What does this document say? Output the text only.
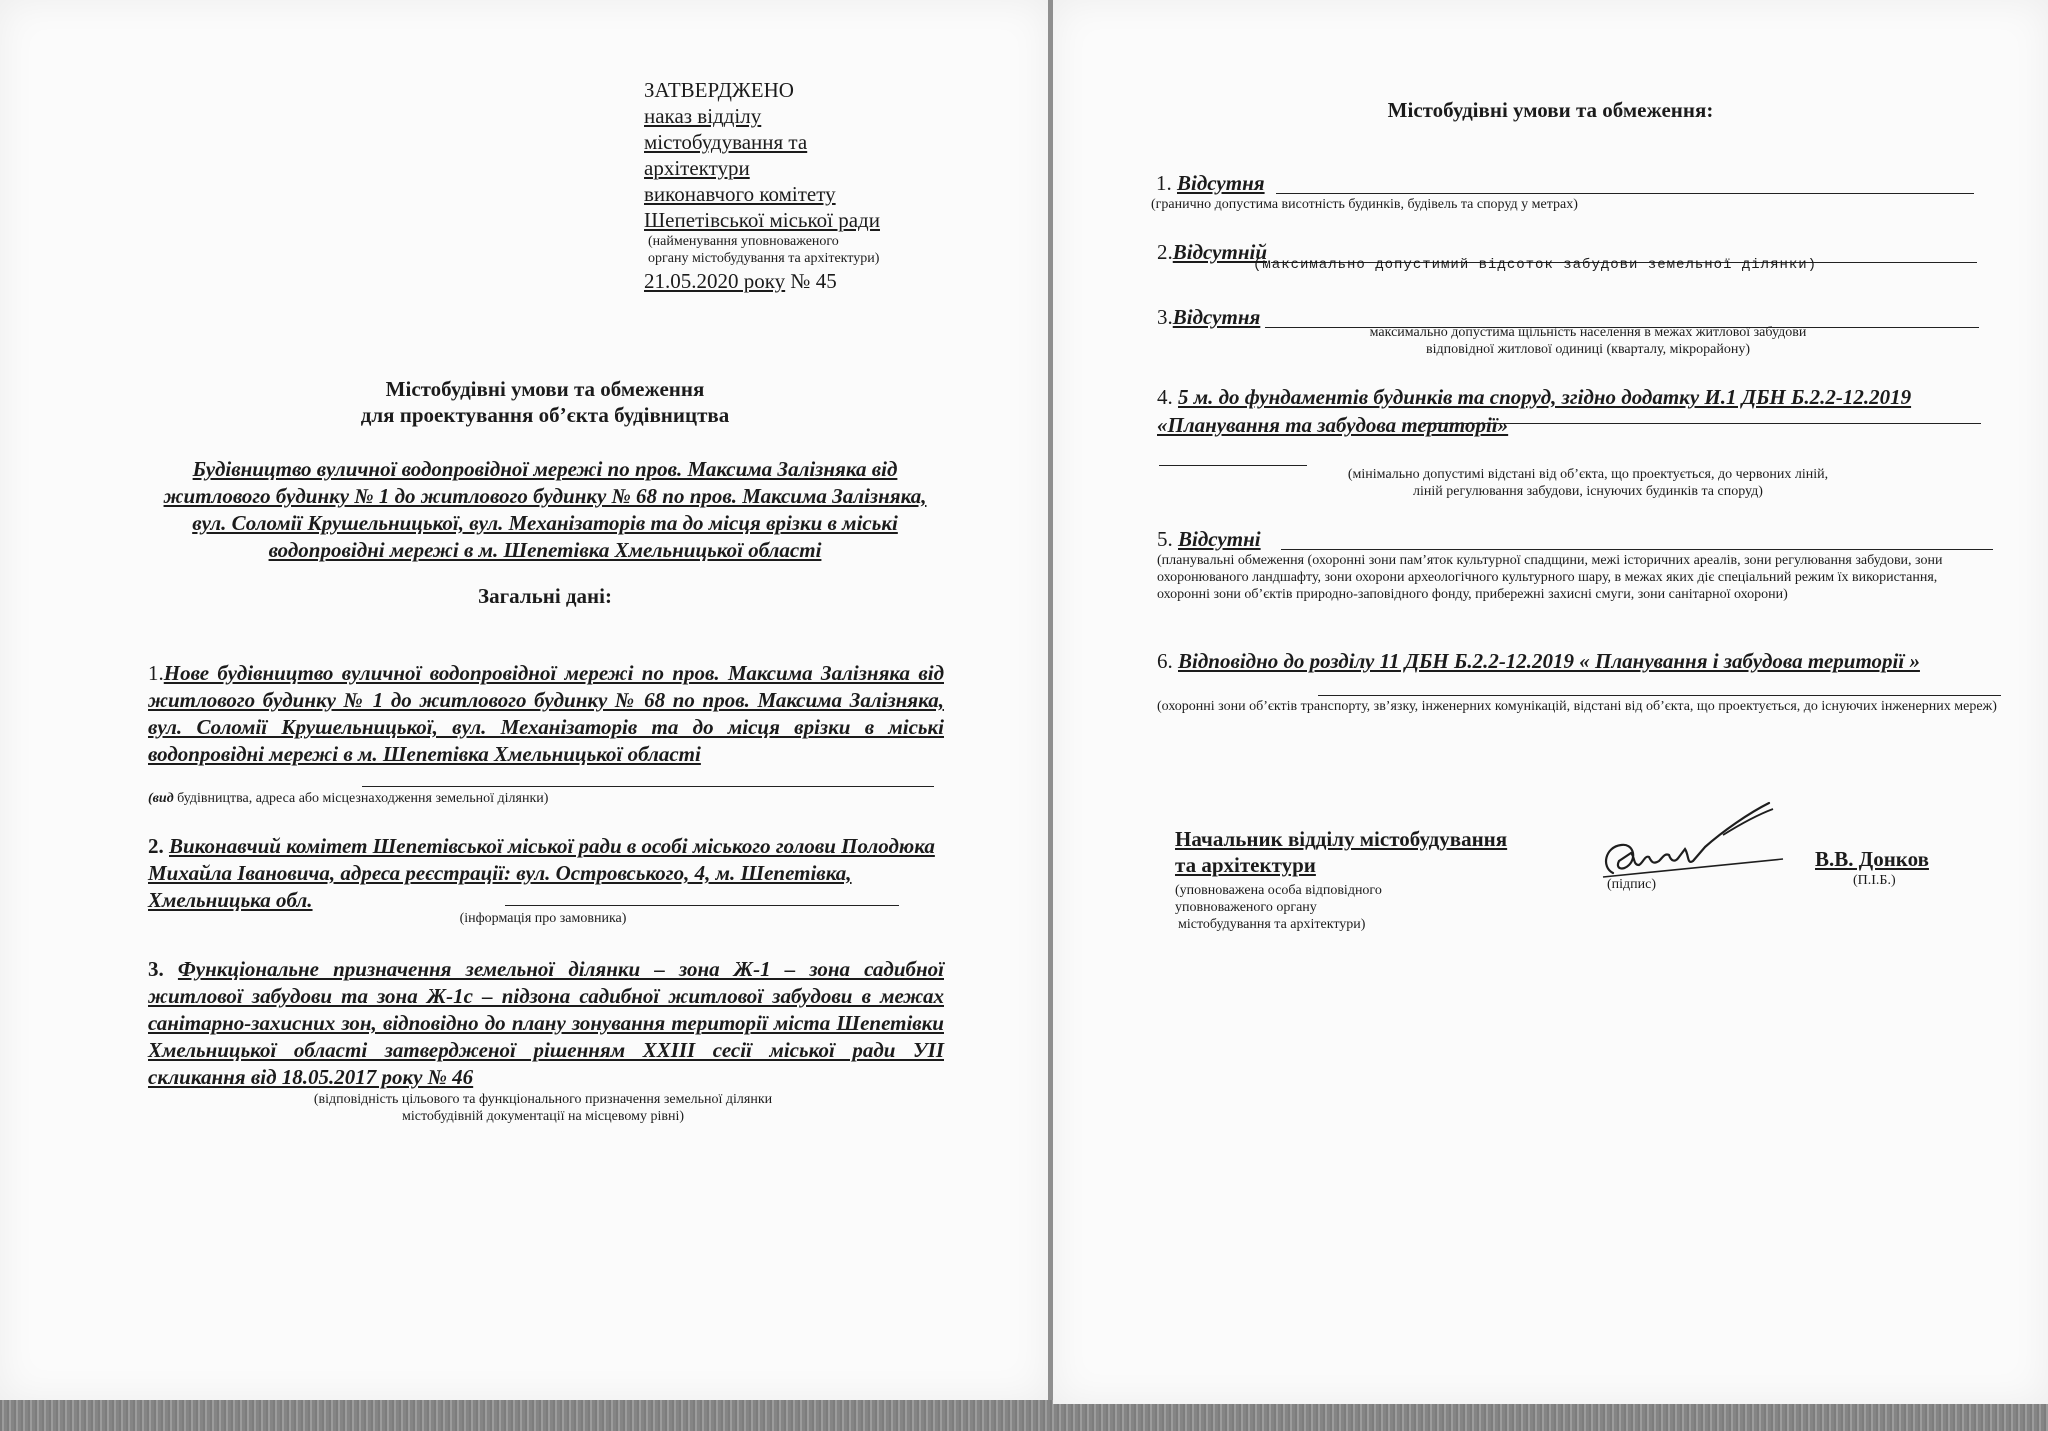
ЗАТВЕРДЖЕНО
наказ відділу
містобудування та
архітектури
виконавчого комітету
Шепетівської міської ради
(найменування уповноваженого
органу містобудування та архітектури)
21.05.2020 року № 45
Містобудівні умови та обмеження
для проектування об’єкта будівництва
Будівництво вуличної водопровідної мережі по пров. Максима Залізняка від житлового будинку № 1 до житлового будинку № 68 по пров. Максима Залізняка, вул. Соломії Крушельницької, вул. Механізаторів та до місця врізки в міські водопровідні мережі в м. Шепетівка Хмельницької області
Загальні дані:
1.Нове будівництво вуличної водопровідної мережі по пров. Максима Залізняка від житлового будинку № 1 до житлового будинку № 68 по пров. Максима Залізняка, вул. Соломії Крушельницької, вул. Механізаторів та до місця врізки в міські водопровідні мережі в м. Шепетівка Хмельницької області
(вид будівництва, адреса або місцезнаходження земельної ділянки)
2. Виконавчий комітет Шепетівської міської ради в особі міського голови Полодюка Михайла Івановича, адреса реєстрації: вул. Островського, 4, м. Шепетівка, Хмельницька обл.
(інформація про замовника)
3. Функціональне призначення земельної ділянки – зона Ж-1 – зона садибної житлової забудови та зона Ж-1с – підзона садибної житлової забудови в межах санітарно-захисних зон, відповідно до плану зонування території міста Шепетівки Хмельницької області затвердженої рішенням ХХІІІ сесії міської ради УІІ скликання від 18.05.2017 року № 46
(відповідність цільового та функціонального призначення земельної ділянки
містобудівній документації на місцевому рівні)
Містобудівні умови та обмеження:
1. Відсутня
(гранично допустима висотність будинків, будівель та споруд у метрах)
2.Відсутній
(максимально допустимий відсоток забудови земельної ділянки)
3.Відсутня
максимально допустима щільність населення в межах житлової забудови
відповідної житлової одиниці (кварталу, мікрорайону)
4. 5 м. до фундаментів будинків та споруд, згідно додатку И.1 ДБН Б.2.2-12.2019 «Планування та забудова території»
(мінімально допустимі відстані від об’єкта, що проектується, до червоних ліній,
ліній регулювання забудови, існуючих будинків та споруд)
5. Відсутні
(планувальні обмеження (охоронні зони пам’яток культурної спадщини, межі історичних ареалів, зони регулювання забудови, зони охоронюваного ландшафту, зони охорони археологічного культурного шару, в межах яких діє спеціальний режим їх використання, охоронні зони об’єктів природно-заповідного фонду, прибережні захисні смуги, зони санітарної охорони)
6. Відповідно до розділу 11 ДБН Б.2.2-12.2019 « Планування і забудова території »
(охоронні зони об’єктів транспорту, зв’язку, інженерних комунікацій, відстані від об’єкта, що проектується, до існуючих інженерних мереж)
Начальник відділу містобудування
та архітектури
(уповноважена особа відповідного
уповноваженого органу
містобудування та архітектури)
(підпис)
В.В. Донков
(П.І.Б.)
